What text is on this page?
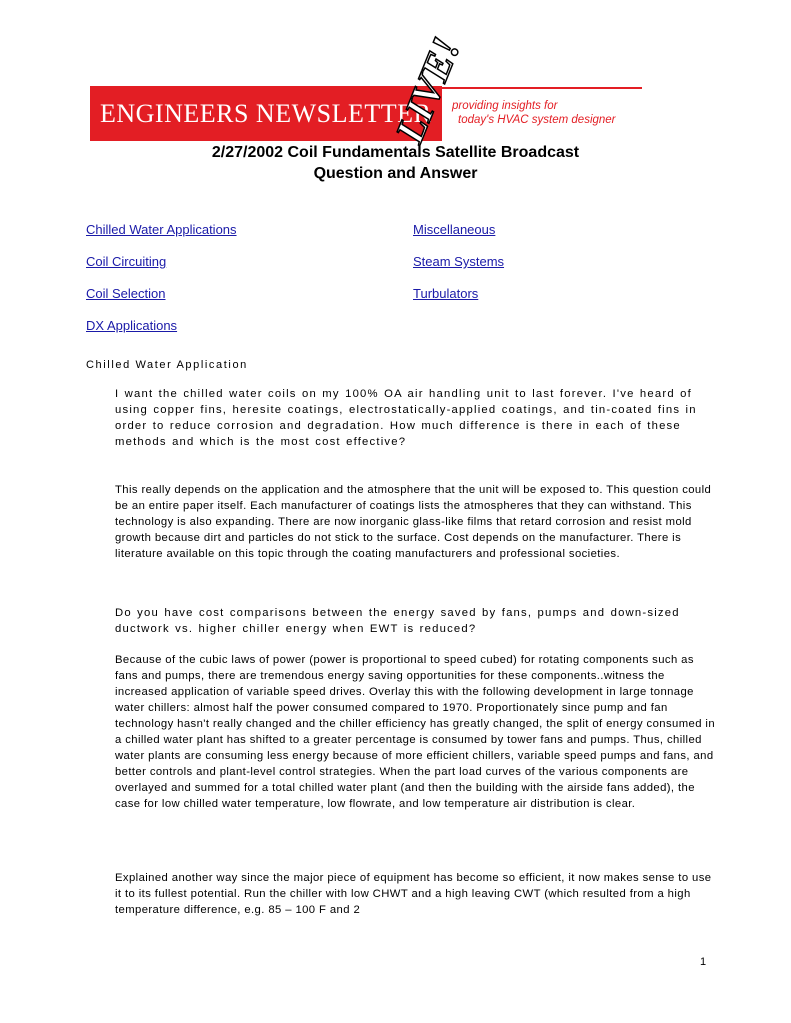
ENGINEERS NEWSLETTER
LIVE!
providing insights for
today's HVAC system designer
2/27/2002 Coil Fundamentals Satellite Broadcast
Question and Answer
Chilled Water Applications
Coil Circuiting
Coil Selection
DX Applications
Miscellaneous
Steam Systems
Turbulators
Chilled Water Application
I want the chilled water coils on my 100% OA air handling unit to last forever. I've heard of using copper fins, heresite coatings, electrostatically-applied coatings, and tin-coated fins in order to reduce corrosion and degradation. How much difference is there in each of these methods and which is the most cost effective?
This really depends on the application and the atmosphere that the unit will be exposed to. This question could be an entire paper itself. Each manufacturer of coatings lists the atmospheres that they can withstand. This technology is also expanding. There are now inorganic glass-like films that retard corrosion and resist mold growth because dirt and particles do not stick to the surface. Cost depends on the manufacturer. There is literature available on this topic through the coating manufacturers and professional societies.
Do you have cost comparisons between the energy saved by fans, pumps and down-sized ductwork vs. higher chiller energy when EWT is reduced?
Because of the cubic laws of power (power is proportional to speed cubed) for rotating components such as fans and pumps, there are tremendous energy saving opportunities for these components..witness the increased application of variable speed drives. Overlay this with the following development in large tonnage water chillers: almost half the power consumed compared to 1970. Proportionately since pump and fan technology hasn't really changed and the chiller efficiency has greatly changed, the split of energy consumed in a chilled water plant has shifted to a greater percentage is consumed by tower fans and pumps. Thus, chilled water plants are consuming less energy because of more efficient chillers, variable speed pumps and fans, and better controls and plant-level control strategies. When the part load curves of the various components are overlayed and summed for a total chilled water plant (and then the building with the airside fans added), the case for low chilled water temperature, low flowrate, and low temperature air distribution is clear.
Explained another way since the major piece of equipment has become so efficient, it now makes sense to use it to its fullest potential. Run the chiller with low CHWT and a high leaving CWT (which resulted from a high temperature difference, e.g. 85 – 100 F and 2
1
